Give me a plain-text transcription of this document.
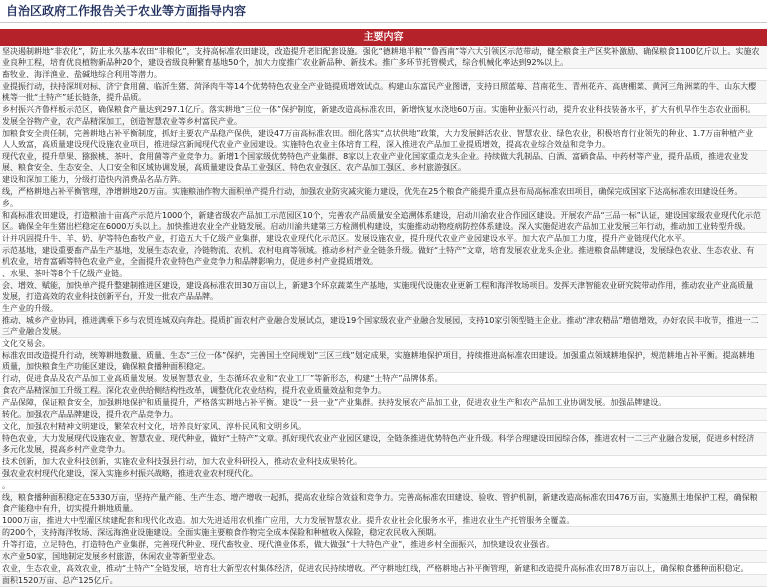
自治区政府工作报告关于农业等方面指导内容
主要内容
坚决遏制耕地“非农化”，防止永久基本农田“非粮化”，支持高标准农田建设，改造提升老旧配套设施。强化“德耕地半粮”“鲁西南”等六大引领区示范带动，健全粮食主产区奖补激励、确保粮食1100亿斤以上。实施农业良种工程，培育优良植物新品种20个，建设省级良种繁育基地50个，加大力度推广农业新品种、新技术。推广多环节托管模式，综合机械化率达到92%以上。
畜牧业、海洋渔业、盐碱地综合利用等潜力。
业提振行动，扶持深圳对标、济宁食用菌、临沂生猪、菏泽肉牛等14个优势特色农业全产业链提质增效试点。构建山东富民产业图谱，支持日照蓝莓、莒南花生、青州花卉、高唐棚菜、黄河三角洲菜的牛、山东大樱桃等一批“土特产”延长链条，提升品质。
乡村振兴齐鲁样板示范区，确保粮食产量达到297.1亿斤。落实耕地“三位一体”保护制度，新建改造高标准农田，新增恢复水浇地60万亩。实施种业振兴行动，提升农业科技装备水平，扩大有机旱作生态农业面积。
发展全谷物产业，农产品精深加工，创造智慧农业等乡村富民产业。
加粮食安全责任制，完善耕地占补平衡制度，抓好主要农产品稳产保供，建设47万亩高标准农田。细化落实“点状供地”政策，大力发展鲜活农业、智慧农业、绿色农业，积极培育行业领先的种业、1.7万亩种植产业人人致富，高质量建设现代设施农业项目，推进绿宫新闻现代农业产业园建设。实施特色农业主体培育工程，深入推进农产品加工业提质增效，提高农业综合效益和竞争力。
现代农业，提升草果、猕猴桃、茶叶、食用菌等产业竞争力。新增1个国家级优势特色产业集群、8家以上农业产业化国家重点龙头企业。持续做大乳制品、白酒、富硒食品、中药材等产业，提升品质，推进农业发展、粮食安全、生态安全、人口安全和区域协调发展，高质量建设食品工业强区、特色农业强区、农产品加工强区、乡村旅游强区。
建设和深加工能力，分级打造快内消费品名品方阵。
线，严格耕地占补平衡管理，净增耕地20万亩。实施粮油作物大面积单产提升行动，加强农业防灾减灾能力建设，优先在25个粮食产能提升重点县布局高标准农田项目，确保完成国家下达高标准农田建设任务。
乡。
和高标准农田建设，打造粮油十亩高产示范片1000个，新建省级农产品加工示范园区10个，完善农产品质量安全追溯体系建设，启动川渝农业合作园区建设。开展农产品“三品一标”认证，建设国家级农业现代化示范区。确保全年生猪出栏稳定在6000万头以上。加快推进农业全产业链发展。启动川渝共建第三方检测机构建设，实施推动动物疫病防控体系建设。深入实施促进农产品加工业发展三年行动，推动加工业转型升级。
计并巩固提升牛、羊、奶、驴等特色畜牧产业，打造五大千亿级产业集群，建设农业现代化示范区。发展设施农业，提升现代农业产业园建设水平。加大农产品加工力度，提升产业链现代化水平。
示范基地，建设重要畜产品生产基地，发展生态农业，冷链物流、农机、农村电商等领域。推动乡村产业全链条升级。做好“土特产”文章，培育发展农业龙头企业。推进粮食品牌建设，发展绿色农业、生态农业、有机农业，培育富硒等特色农业产业，全面提升农业特色产业竞争力和品牌影响力，促进乡村产业提质增效。
、水果、茶叶等8个千亿级产业链。
会、增效、赋能，加快单产提升整建制推进区建设，建设高标准农田30万亩以上，新建3个环京蔬菜生产基地，实施现代设施农业更新工程和海洋牧场项目。发挥天津智能农业研究院带动作用，推动农业产业高质量发展，打造高效的农业科技创新平台，开发一批农产品品牌。
生产业的升级。
推动、城乡产业协同，推进满乘下乡与农贸连城双向奔赴。提质扩面农村产业融合发展试点，建设19个国家级农业产业融合发展园，支持10家引领型链主企业。推动“津农精品”增值增效，办好农民丰收节，推进一二三产业融合发展。
文化交易会。
标准农田改造提升行动，统筹耕地数量、质量、生态“三位一体”保护，完善国土空间规划“三区三线”划定成果，实施耕地保护项目，持续推进高标准农田建设。加强重点领域耕地保护，规范耕地占补平衡。提高耕地质量，加快粮食生产功能区建设，确保粮食播种面积稳定。
行动，促进食品及农产品加工业高质量发展。发展智慧农业，生态循环农业和“农业工厂”等新形态，构建“土特产”品牌体系。
食农产品精深加工升级工程。深化农业供给侧结构性改革，调整优化农业结构，提升农业质量效益和竞争力。
产品保障，保证粮食安全，加强耕地保护和质量提升，严格落实耕地占补平衡。建设“一县一业”产业集群。扶持发展农产品加工业，促进农业生产和农产品加工业协调发展。加强品牌建设。
转化。加强农产品品牌建设，提升农产品竞争力。
文化，加强农村精神文明建设，繁荣农村文化，培养良好家风、淳朴民风和文明乡风。
特色农业，大力发展现代设施农业、智慧农业、现代种业，做好“土特产”文章。抓好现代农业产业园区建设，全链条推进优势特色产业升级。科学合理建设田园综合体，推进农村一二三产业融合发展，促进乡村经济多元化发展，提高乡村产业竞争力。
技术创新，加大农业科技创新，实施农业科技强县行动，加大农业科研投入，推动农业科技成果转化。
强农业农村现代化建设，深入实施乡村振兴战略，推进农业农村现代化。
。
线，粮食播种面积稳定在5330万亩，坚持产量产能、生产生态、增产增收一起抓，提高农业综合效益和竞争力。完善高标准农田建设、验收、管护机制，新建改造高标准农田476万亩，实施黑土地保护工程，确保粮食产能稳中有升，切实提升耕地质量。
1000万亩，推进大中型灌区续建配套和现代化改造。加大先进适用农机推广应用，大力发展智慧农业。提升农业社会化服务水平，推进农业生产托管服务全覆盖。
的200个，支持海洋牧场、深远海渔业设施建设。全面实施主要粮食作物完全成本保险和种植收入保险，稳定农民收入预期。
升等打造，立足特色，打造特色产业集群，完善现代种业、现代畜牧业、现代渔业体系，做大做强“十大特色产业”，推进乡村全面振兴，加快建设农业强省。
水产业50家，国地制定发展乡村旅游，休闲农业等新型业态。
农业，生态农业，高效农业，推动“土特产”全链发展，培育壮大新型农村集体经济，促进农民持续增收。严守耕地红线，严格耕地占补平衡管理，新建和改造提升高标准农田78万亩以上，确保粮食播种面积稳定。
面积1520万亩、总产125亿斤。
